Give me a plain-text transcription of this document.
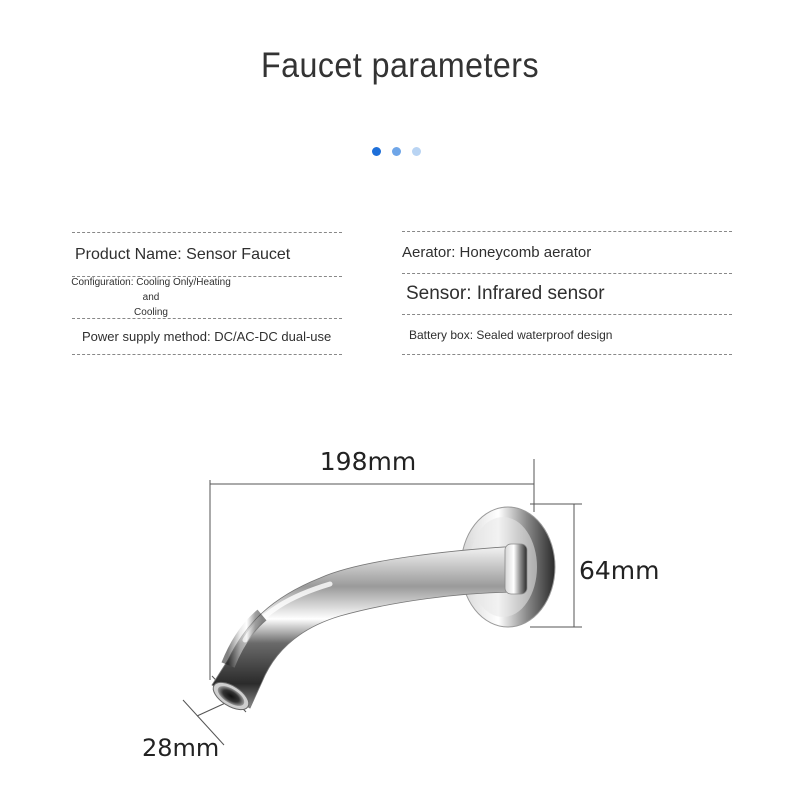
Faucet parameters
Product Name: Sensor Faucet
Configuration: Cooling Only/Heating and
Cooling
Power supply method: DC/AC-DC dual-use
Aerator: Honeycomb aerator
Sensor: Infrared sensor
Battery box: Sealed waterproof design
198mm
64mm
28mm
